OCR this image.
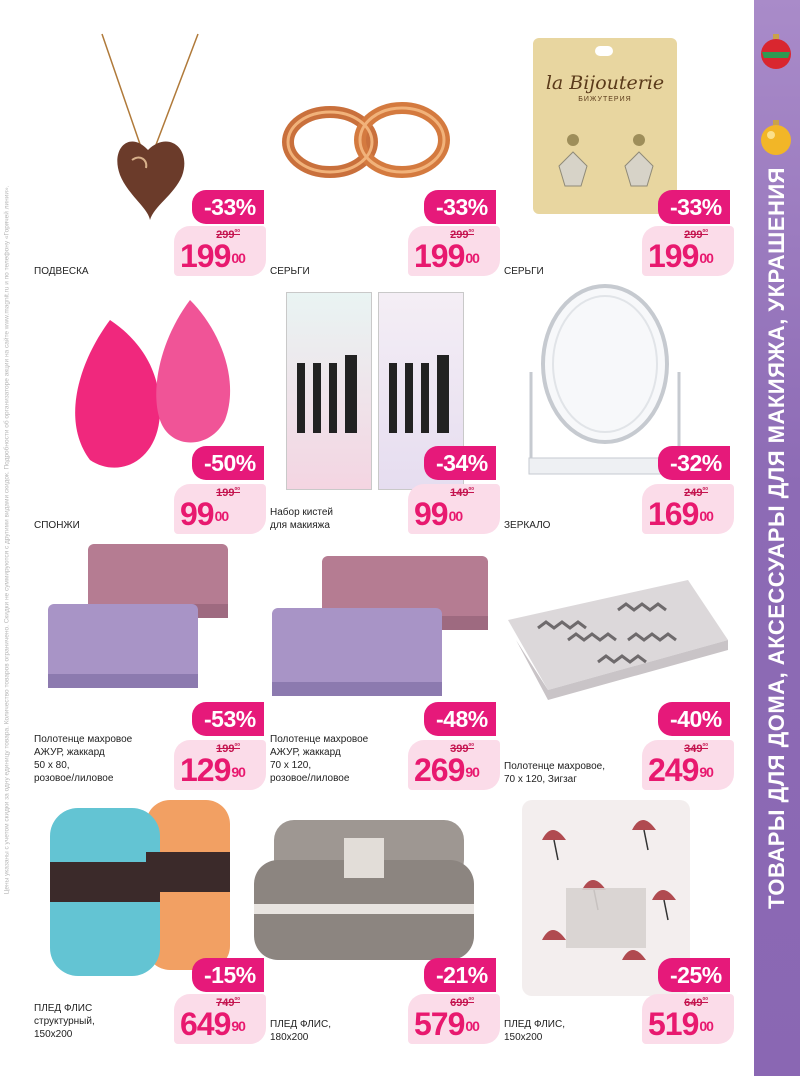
ТОВАРЫ ДЛЯ ДОМА, АКСЕССУАРЫ ДЛЯ МАКИЯЖА, УКРАШЕНИЯ
Цены указаны с учетом скидки за одну единицу товара. Количество товаров ограничено. Скидки не суммируются с другими видами скидок. Подробности об организаторе акции на сайте www.magnit.ru и по телефону «Горячей линии».	-33%
$299^{00}$
$199^{00}$
ПОДВЕСКА
-33%
$299^{00}$
$199^{00}$
СЕРЬГИ
la Bijouterie
БИЖУТЕРИЯ
-33%
$299^{00}$
$199^{00}$
СЕРЬГИ
-50%
$199^{00}$
$99^{00}$
СПОНЖИ
-34%
$149^{00}$
$99^{00}$
Набор кистей
для макияжа
-32%
$249^{00}$
$169^{00}$
ЗЕРКАЛО
-53%
$199^{00}$
$129^{90}$
Полотенце махровое
АЖУР, жаккард
50 х 80,
розовое/лиловое
-48%
$399^{00}$
$269^{90}$
Полотенце махровое
АЖУР, жаккард
70 х 120,
розовое/лиловое
-40%
$349^{00}$
$249^{90}$
Полотенце махровое,
70 х 120, Зигзаг
-15%
$749^{00}$
$649^{90}$
ПЛЕД ФЛИС
структурный,
150х200
-21%
$699^{00}$
$579^{00}$
ПЛЕД ФЛИС,
180х200
-25%
$649^{00}$
$519^{00}$
ПЛЕД ФЛИС,
150х200
